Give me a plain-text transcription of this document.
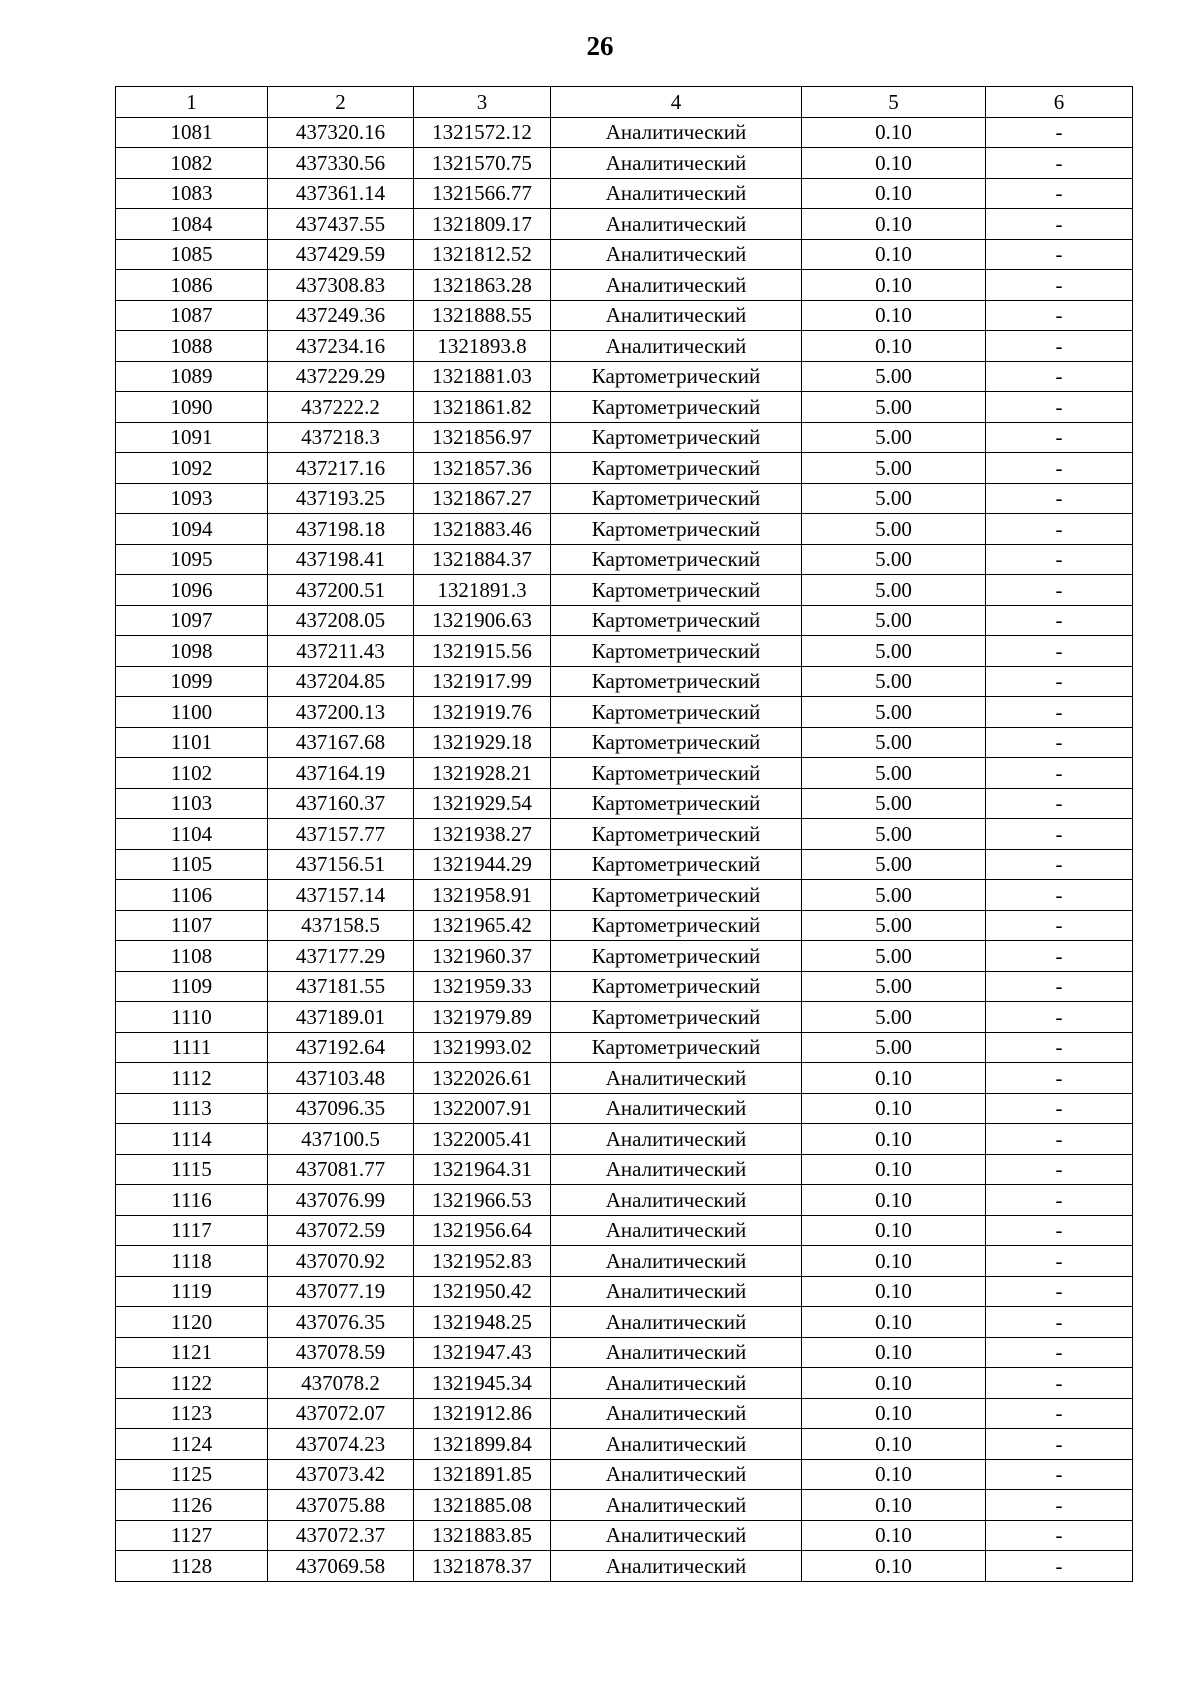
26
1	2	3	4	5	6
1081	437320.16	1321572.12	Аналитический	0.10	-
1082	437330.56	1321570.75	Аналитический	0.10	-
1083	437361.14	1321566.77	Аналитический	0.10	-
1084	437437.55	1321809.17	Аналитический	0.10	-
1085	437429.59	1321812.52	Аналитический	0.10	-
1086	437308.83	1321863.28	Аналитический	0.10	-
1087	437249.36	1321888.55	Аналитический	0.10	-
1088	437234.16	1321893.8	Аналитический	0.10	-
1089	437229.29	1321881.03	Картометрический	5.00	-
1090	437222.2	1321861.82	Картометрический	5.00	-
1091	437218.3	1321856.97	Картометрический	5.00	-
1092	437217.16	1321857.36	Картометрический	5.00	-
1093	437193.25	1321867.27	Картометрический	5.00	-
1094	437198.18	1321883.46	Картометрический	5.00	-
1095	437198.41	1321884.37	Картометрический	5.00	-
1096	437200.51	1321891.3	Картометрический	5.00	-
1097	437208.05	1321906.63	Картометрический	5.00	-
1098	437211.43	1321915.56	Картометрический	5.00	-
1099	437204.85	1321917.99	Картометрический	5.00	-
1100	437200.13	1321919.76	Картометрический	5.00	-
1101	437167.68	1321929.18	Картометрический	5.00	-
1102	437164.19	1321928.21	Картометрический	5.00	-
1103	437160.37	1321929.54	Картометрический	5.00	-
1104	437157.77	1321938.27	Картометрический	5.00	-
1105	437156.51	1321944.29	Картометрический	5.00	-
1106	437157.14	1321958.91	Картометрический	5.00	-
1107	437158.5	1321965.42	Картометрический	5.00	-
1108	437177.29	1321960.37	Картометрический	5.00	-
1109	437181.55	1321959.33	Картометрический	5.00	-
1110	437189.01	1321979.89	Картометрический	5.00	-
1111	437192.64	1321993.02	Картометрический	5.00	-
1112	437103.48	1322026.61	Аналитический	0.10	-
1113	437096.35	1322007.91	Аналитический	0.10	-
1114	437100.5	1322005.41	Аналитический	0.10	-
1115	437081.77	1321964.31	Аналитический	0.10	-
1116	437076.99	1321966.53	Аналитический	0.10	-
1117	437072.59	1321956.64	Аналитический	0.10	-
1118	437070.92	1321952.83	Аналитический	0.10	-
1119	437077.19	1321950.42	Аналитический	0.10	-
1120	437076.35	1321948.25	Аналитический	0.10	-
1121	437078.59	1321947.43	Аналитический	0.10	-
1122	437078.2	1321945.34	Аналитический	0.10	-
1123	437072.07	1321912.86	Аналитический	0.10	-
1124	437074.23	1321899.84	Аналитический	0.10	-
1125	437073.42	1321891.85	Аналитический	0.10	-
1126	437075.88	1321885.08	Аналитический	0.10	-
1127	437072.37	1321883.85	Аналитический	0.10	-
1128	437069.58	1321878.37	Аналитический	0.10	-
